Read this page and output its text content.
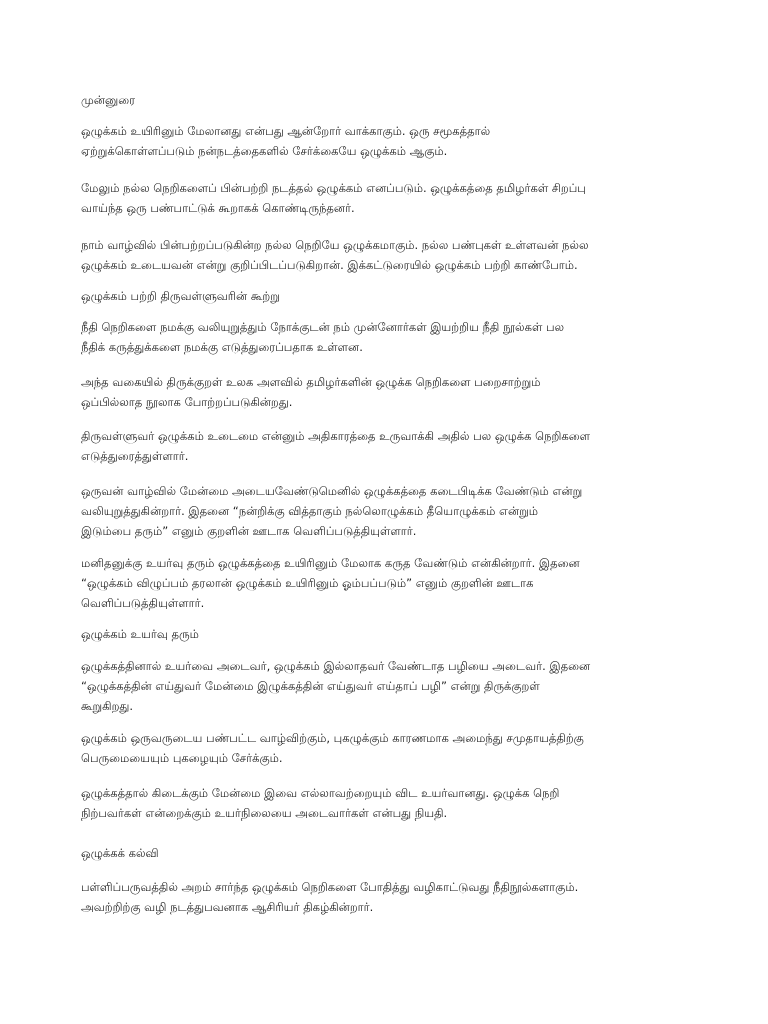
முன்னுரை

ஒழுக்கம் உயிரினும் மேலானது என்பது ஆன்றோர் வாக்காகும். ஒரு சமூகத்தால்

ஏற்றுக்கொள்ளப்படும் நன்நடத்தைகளில் சேர்க்கையே ஒழுக்கம் ஆகும்.

மேலும் நல்ல நெறிகளைப் பின்பற்றி நடத்தல் ஒழுக்கம் எனப்படும். ஒழுக்கத்தை தமிழர்கள் சிறப்பு

வாய்ந்த ஒரு பண்பாட்டுக் கூறாகக் கொண்டிருந்தனர்.

நாம் வாழ்வில் பின்பற்றப்படுகின்ற நல்ல நெறியே ஒழுக்கமாகும். நல்ல பண்புகள் உள்ளவன் நல்ல

ஒழுக்கம் உடையவன் என்று குறிப்பிடப்படுகிறான். இக்கட்டுரையில் ஒழுக்கம் பற்றி காண்போம்.

ஒழுக்கம் பற்றி திருவள்ளுவரின் கூற்று

நீதி நெறிகளை நமக்கு வலியுறுத்தும் நோக்குடன் நம் முன்னோர்கள் இயற்றிய நீதி நூல்கள் பல

நீதிக் கருத்துக்களை நமக்கு எடுத்துரைப்பதாக உள்ளன.

அந்த வகையில் திருக்குறள் உலக அளவில் தமிழர்களின் ஒழுக்க நெறிகளை பறைசாற்றும்

ஒப்பில்லாத நூலாக போற்றப்படுகின்றது.

திருவள்ளுவர் ஒழுக்கம் உடைமை என்னும் அதிகாரத்தை உருவாக்கி அதில் பல ஒழுக்க நெறிகளை

எடுத்துரைத்துள்ளார்.

ஒருவன் வாழ்வில் மேன்மை அடையவேண்டுமெனில் ஒழுக்கத்தை கடைபிடிக்க வேண்டும் என்று

வலியுறுத்துகின்றார். இதனை “நன்றிக்கு வித்தாகும் நல்லொழுக்கம் தீயொழுக்கம் என்றும்

இடும்பை தரும்” எனும் குறளின் ஊடாக வெளிப்படுத்தியுள்ளார்.

மனிதனுக்கு உயர்வு தரும் ஒழுக்கத்தை உயிரினும் மேலாக கருத வேண்டும் என்கின்றார். இதனை

“ஒழுக்கம் விழுப்பம் தரலான் ஒழுக்கம் உயிரினும் ஓம்பப்படும்” எனும் குறளின் ஊடாக

வெளிப்படுத்தியுள்ளார்.

ஒழுக்கம் உயர்வு தரும்

ஒழுக்கத்தினால் உயர்வை அடைவர், ஒழுக்கம் இல்லாதவர் வேண்டாத பழியை அடைவர். இதனை

“ஒழுக்கத்தின் எய்துவர் மேன்மை இழுக்கத்தின் எய்துவர் எய்தாப் பழி” என்று திருக்குறள்

கூறுகிறது.

ஒழுக்கம் ஒருவருடைய பண்பட்ட வாழ்விற்கும், புகழுக்கும் காரணமாக அமைந்து சமுதாயத்திற்கு

பெருமையையும் புகழையும் சேர்க்கும்.

ஒழுக்கத்தால் கிடைக்கும் மேன்மை இவை எல்லாவற்றையும் விட உயர்வானது. ஒழுக்க நெறி

நிற்பவர்கள் என்றைக்கும் உயர்நிலையை அடைவார்கள் என்பது நியதி.

ஒழுக்கக் கல்வி

பள்ளிப்பருவத்தில் அறம் சார்ந்த ஒழுக்கம் நெறிகளை போதித்து வழிகாட்டுவது நீதிநூல்களாகும்.

அவற்றிற்கு வழி நடத்துபவனாக ஆசிரியர் திகழ்கின்றார்.
